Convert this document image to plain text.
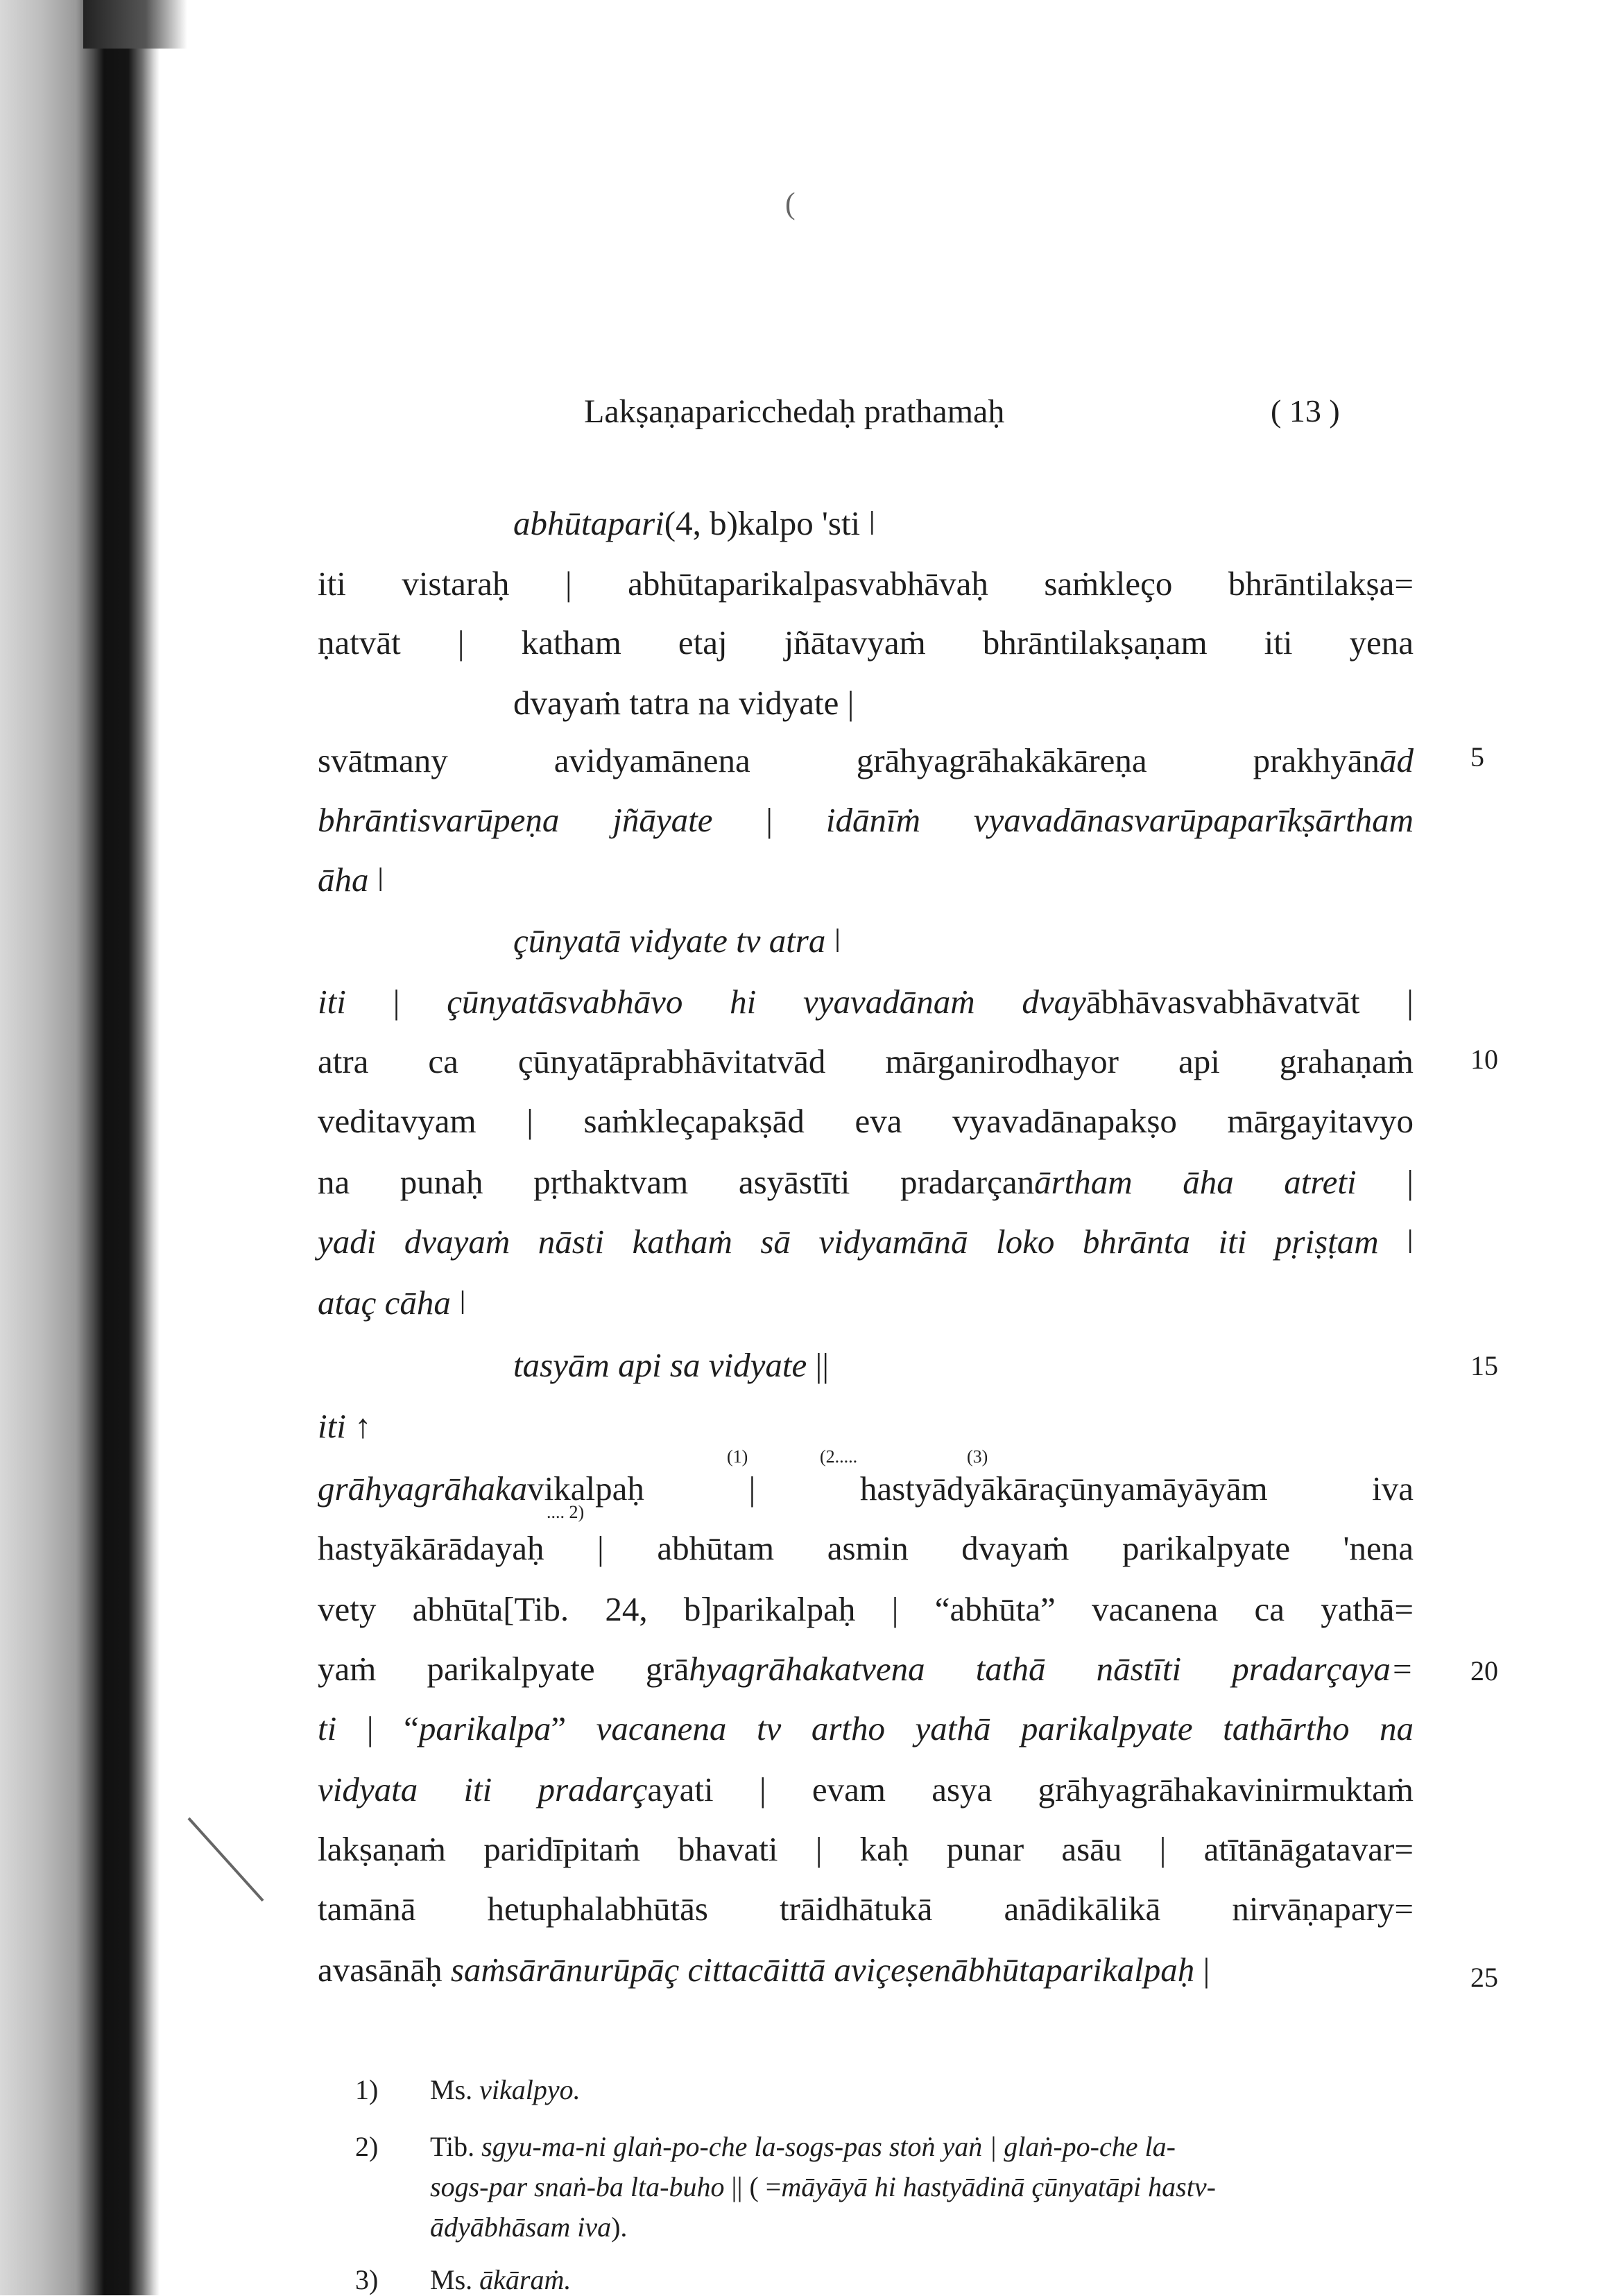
(
Lakṣaṇaparicchedaḥ prathamaḥ	( 13 )
abhūtapari(4, b)kalpo 'sti ǀ
iti vistaraḥ | abhūtaparikalpasvabhāvaḥ saṁkleço bhrāntilakṣa=
ṇatvāt | katham etaj jñātavyaṁ bhrāntilakṣaṇam iti yena
dvayaṁ tatra na vidyate |
svātmany avidyamānena grāhyagrāhakākāreṇa prakhyānād
bhrāntisvarūpeṇa jñāyate | idānīṁ vyavadānasvarūpaparīkṣārtham
āha ǀ
çūnyatā vidyate tv atra ǀ
iti | çūnyatāsvabhāvo hi vyavadānaṁ dvayābhāvasvabhāvatvāt |
atra ca çūnyatāprabhāvitatvād mārganirodhayor api grahaṇaṁ
veditavyam | saṁkleçapakṣād eva vyavadānapakṣo mārgayitavyo
na punaḥ pṛthaktvam asyāstīti pradarçanārtham āha atreti |
yadi dvayaṁ nāsti kathaṁ sā vidyamānā loko bhrānta iti pṛiṣṭam ǀ
ataç cāha ǀ
tasyām api sa vidyate ||
iti ↑
grāhyagrāhakavikalpaḥ | hastyādyākāraçūnyamāyāyām iva
hastyākārādayaḥ | abhūtam asmin dvayaṁ parikalpyate 'nena
vety abhūta[Tib. 24, b]parikalpaḥ | “abhūta” vacanena ca yathā=
yaṁ parikalpyate grāhyagrāhakatvena tathā nāstīti pradarçaya=
ti | “parikalpa” vacanena tv artho yathā parikalpyate tathārtho na
vidyata iti pradarçayati | evam asya grāhyagrāhakavinirmuktaṁ
lakṣaṇaṁ paridīpitaṁ bhavati | kaḥ punar asāu | atītānāgatavar=
tamānā hetuphalabhūtās trāidhātukā anādikālikā nirvāṇapary=
avasānāḥ saṁsārānurūpāç cittacāittā aviçeṣenābhūtaparikalpaḥ |
5
10
15
20
25
(1)	(2.....	(3)
.... 2)
1) Ms. vikalpyo.
2) Tib. sgyu-ma-ni glaṅ-po-che la-sogs-pas stoṅ yaṅ | glaṅ-po-che la-
sogs-par snaṅ-ba lta-buho || ( =māyāyā hi hastyādinā çūnyatāpi hastv-
ādyābhāsam iva).
3) Ms. ākāraṁ.
